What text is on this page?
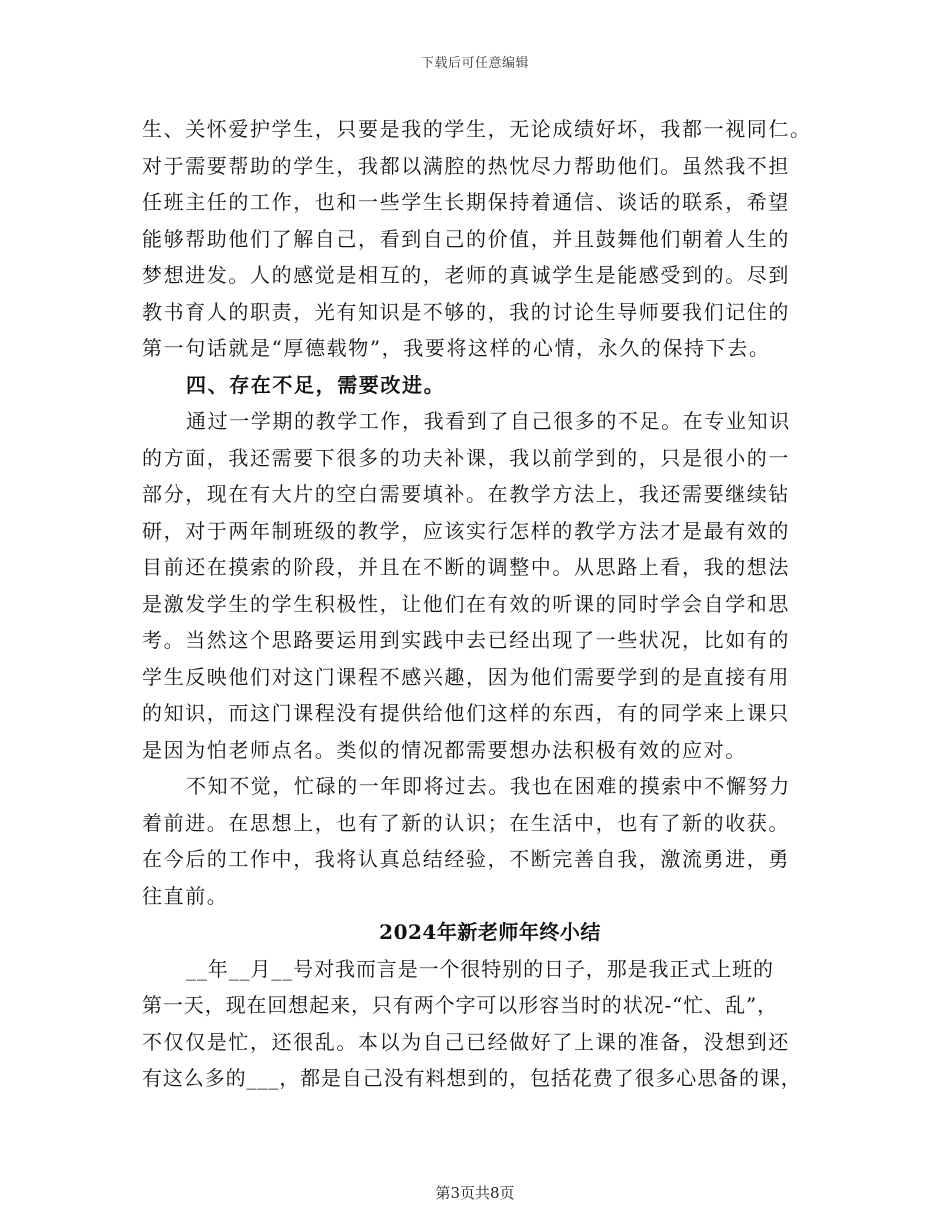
下载后可任意编辑
生、关怀爱护学生，只要是我的学生，无论成绩好坏，我都一视同仁。
对于需要帮助的学生，我都以满腔的热忱尽力帮助他们。虽然我不担
任班主任的工作，也和一些学生长期保持着通信、谈话的联系，希望
能够帮助他们了解自己，看到自己的价值，并且鼓舞他们朝着人生的
梦想进发。人的感觉是相互的，老师的真诚学生是能感受到的。尽到
教书育人的职责，光有知识是不够的，我的讨论生导师要我们记住的
第一句话就是“厚德载物”，我要将这样的心情，永久的保持下去。
四、存在不足，需要改进。
通过一学期的教学工作，我看到了自己很多的不足。在专业知识
的方面，我还需要下很多的功夫补课，我以前学到的，只是很小的一
部分，现在有大片的空白需要填补。在教学方法上，我还需要继续钻
研，对于两年制班级的教学，应该实行怎样的教学方法才是最有效的
目前还在摸索的阶段，并且在不断的调整中。从思路上看，我的想法
是激发学生的学生积极性，让他们在有效的听课的同时学会自学和思
考。当然这个思路要运用到实践中去已经出现了一些状况，比如有的
学生反映他们对这门课程不感兴趣，因为他们需要学到的是直接有用
的知识，而这门课程没有提供给他们这样的东西，有的同学来上课只
是因为怕老师点名。类似的情况都需要想办法积极有效的应对。
不知不觉，忙碌的一年即将过去。我也在困难的摸索中不懈努力
着前进。在思想上，也有了新的认识；在生活中，也有了新的收获。
在今后的工作中，我将认真总结经验，不断完善自我，激流勇进，勇
往直前。
2024年新老师年终小结
__年__月__号对我而言是一个很特别的日子，那是我正式上班的
第一天，现在回想起来，只有两个字可以形容当时的状况-“忙、乱”，
不仅仅是忙，还很乱。本以为自己已经做好了上课的准备，没想到还
有这么多的___，都是自己没有料想到的，包括花费了很多心思备的课，
第3页共8页
